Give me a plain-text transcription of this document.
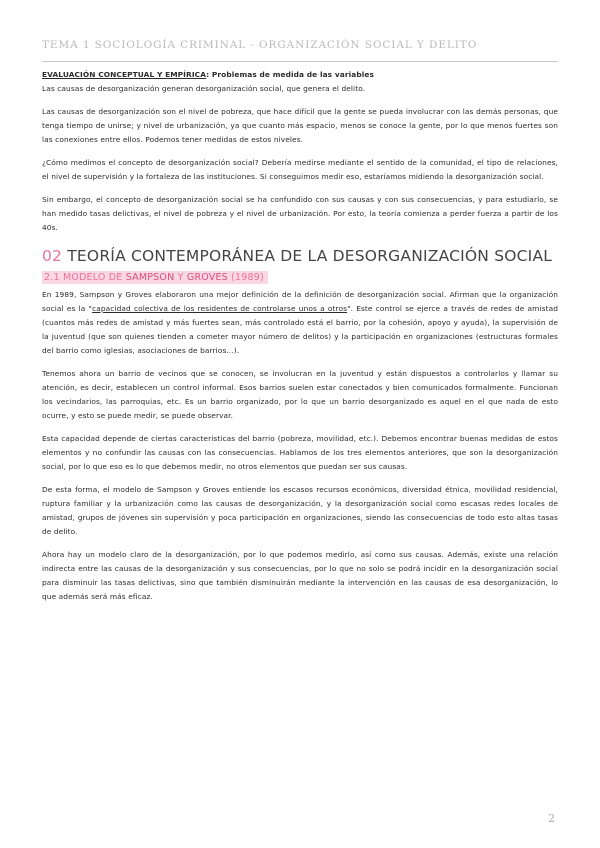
TEMA 1 SOCIOLOGÍA CRIMINAL - ORGANIZACIÓN SOCIAL Y DELITO

EVALUACIÓN CONCEPTUAL Y EMPÍRICA: Problemas de medida de las variables

Las causas de desorganización generan desorganización social, que genera el delito.

Las causas de desorganización son el nivel de pobreza, que hace difícil que la gente se pueda involucrar con las demás personas, que tenga tiempo de unirse; y nivel de urbanización, ya que cuanto más espacio, menos se conoce la gente, por lo que menos fuertes son las conexiones entre ellos. Podemos tener medidas de estos niveles.

¿Cómo medimos el concepto de desorganización social? Debería medirse mediante el sentido de la comunidad, el tipo de relaciones, el nivel de supervisión y la fortaleza de las instituciones. Si conseguimos medir eso, estaríamos midiendo la desorganización social.

Sin embargo, el concepto de desorganización social se ha confundido con sus causas y con sus consecuencias, y para estudiarlo, se han medido tasas delictivas, el nivel de pobreza y el nivel de urbanización. Por esto, la teoría comienza a perder fuerza a partir de los 40s.

02 TEORÍA CONTEMPORÁNEA DE LA DESORGANIZACIÓN SOCIAL
2.1 MODELO DE SAMPSON Y GROVES (1989)

En 1989, Sampson y Groves elaboraron una mejor definición de la definición de desorganización social. Afirman que la organización social es la "capacidad colectiva de los residentes de controlarse unos a otros". Este control se ejerce a través de redes de amistad (cuantos más redes de amistad y más fuertes sean, más controlado está el barrio, por la cohesión, apoyo y ayuda), la supervisión de la juventud (que son quienes tienden a cometer mayor número de delitos) y la participación en organizaciones (estructuras formales del barrio como iglesias, asociaciones de barrios...).

Tenemos ahora un barrio de vecinos que se conocen, se involucran en la juventud y están dispuestos a controlarlos y llamar su atención, es decir, establecen un control informal. Esos barrios suelen estar conectados y bien comunicados formalmente. Funcionan los vecindarios, las parroquias, etc. Es un barrio organizado, por lo que un barrio desorganizado es aquel en el que nada de esto ocurre, y esto se puede medir, se puede observar.

Esta capacidad depende de ciertas características del barrio (pobreza, movilidad, etc.). Debemos encontrar buenas medidas de estos elementos y no confundir las causas con las consecuencias. Hablamos de los tres elementos anteriores, que son la desorganización social, por lo que eso es lo que debemos medir, no otros elementos que puedan ser sus causas.

De esta forma, el modelo de Sampson y Groves entiende los escasos recursos económicos, diversidad étnica, movilidad residencial, ruptura familiar y la urbanización como las causas de desorganización, y la desorganización social como escasas redes locales de amistad, grupos de jóvenes sin supervisión y poca participación en organizaciones, siendo las consecuencias de todo esto altas tasas de delito.

Ahora hay un modelo claro de la desorganización, por lo que podemos medirlo, así como sus causas. Además, existe una relación indirecta entre las causas de la desorganización y sus consecuencias, por lo que no solo se podrá incidir en la desorganización social para disminuir las tasas delictivas, sino que también disminuirán mediante la intervención en las causas de esa desorganización, lo que además será más eficaz.

2
